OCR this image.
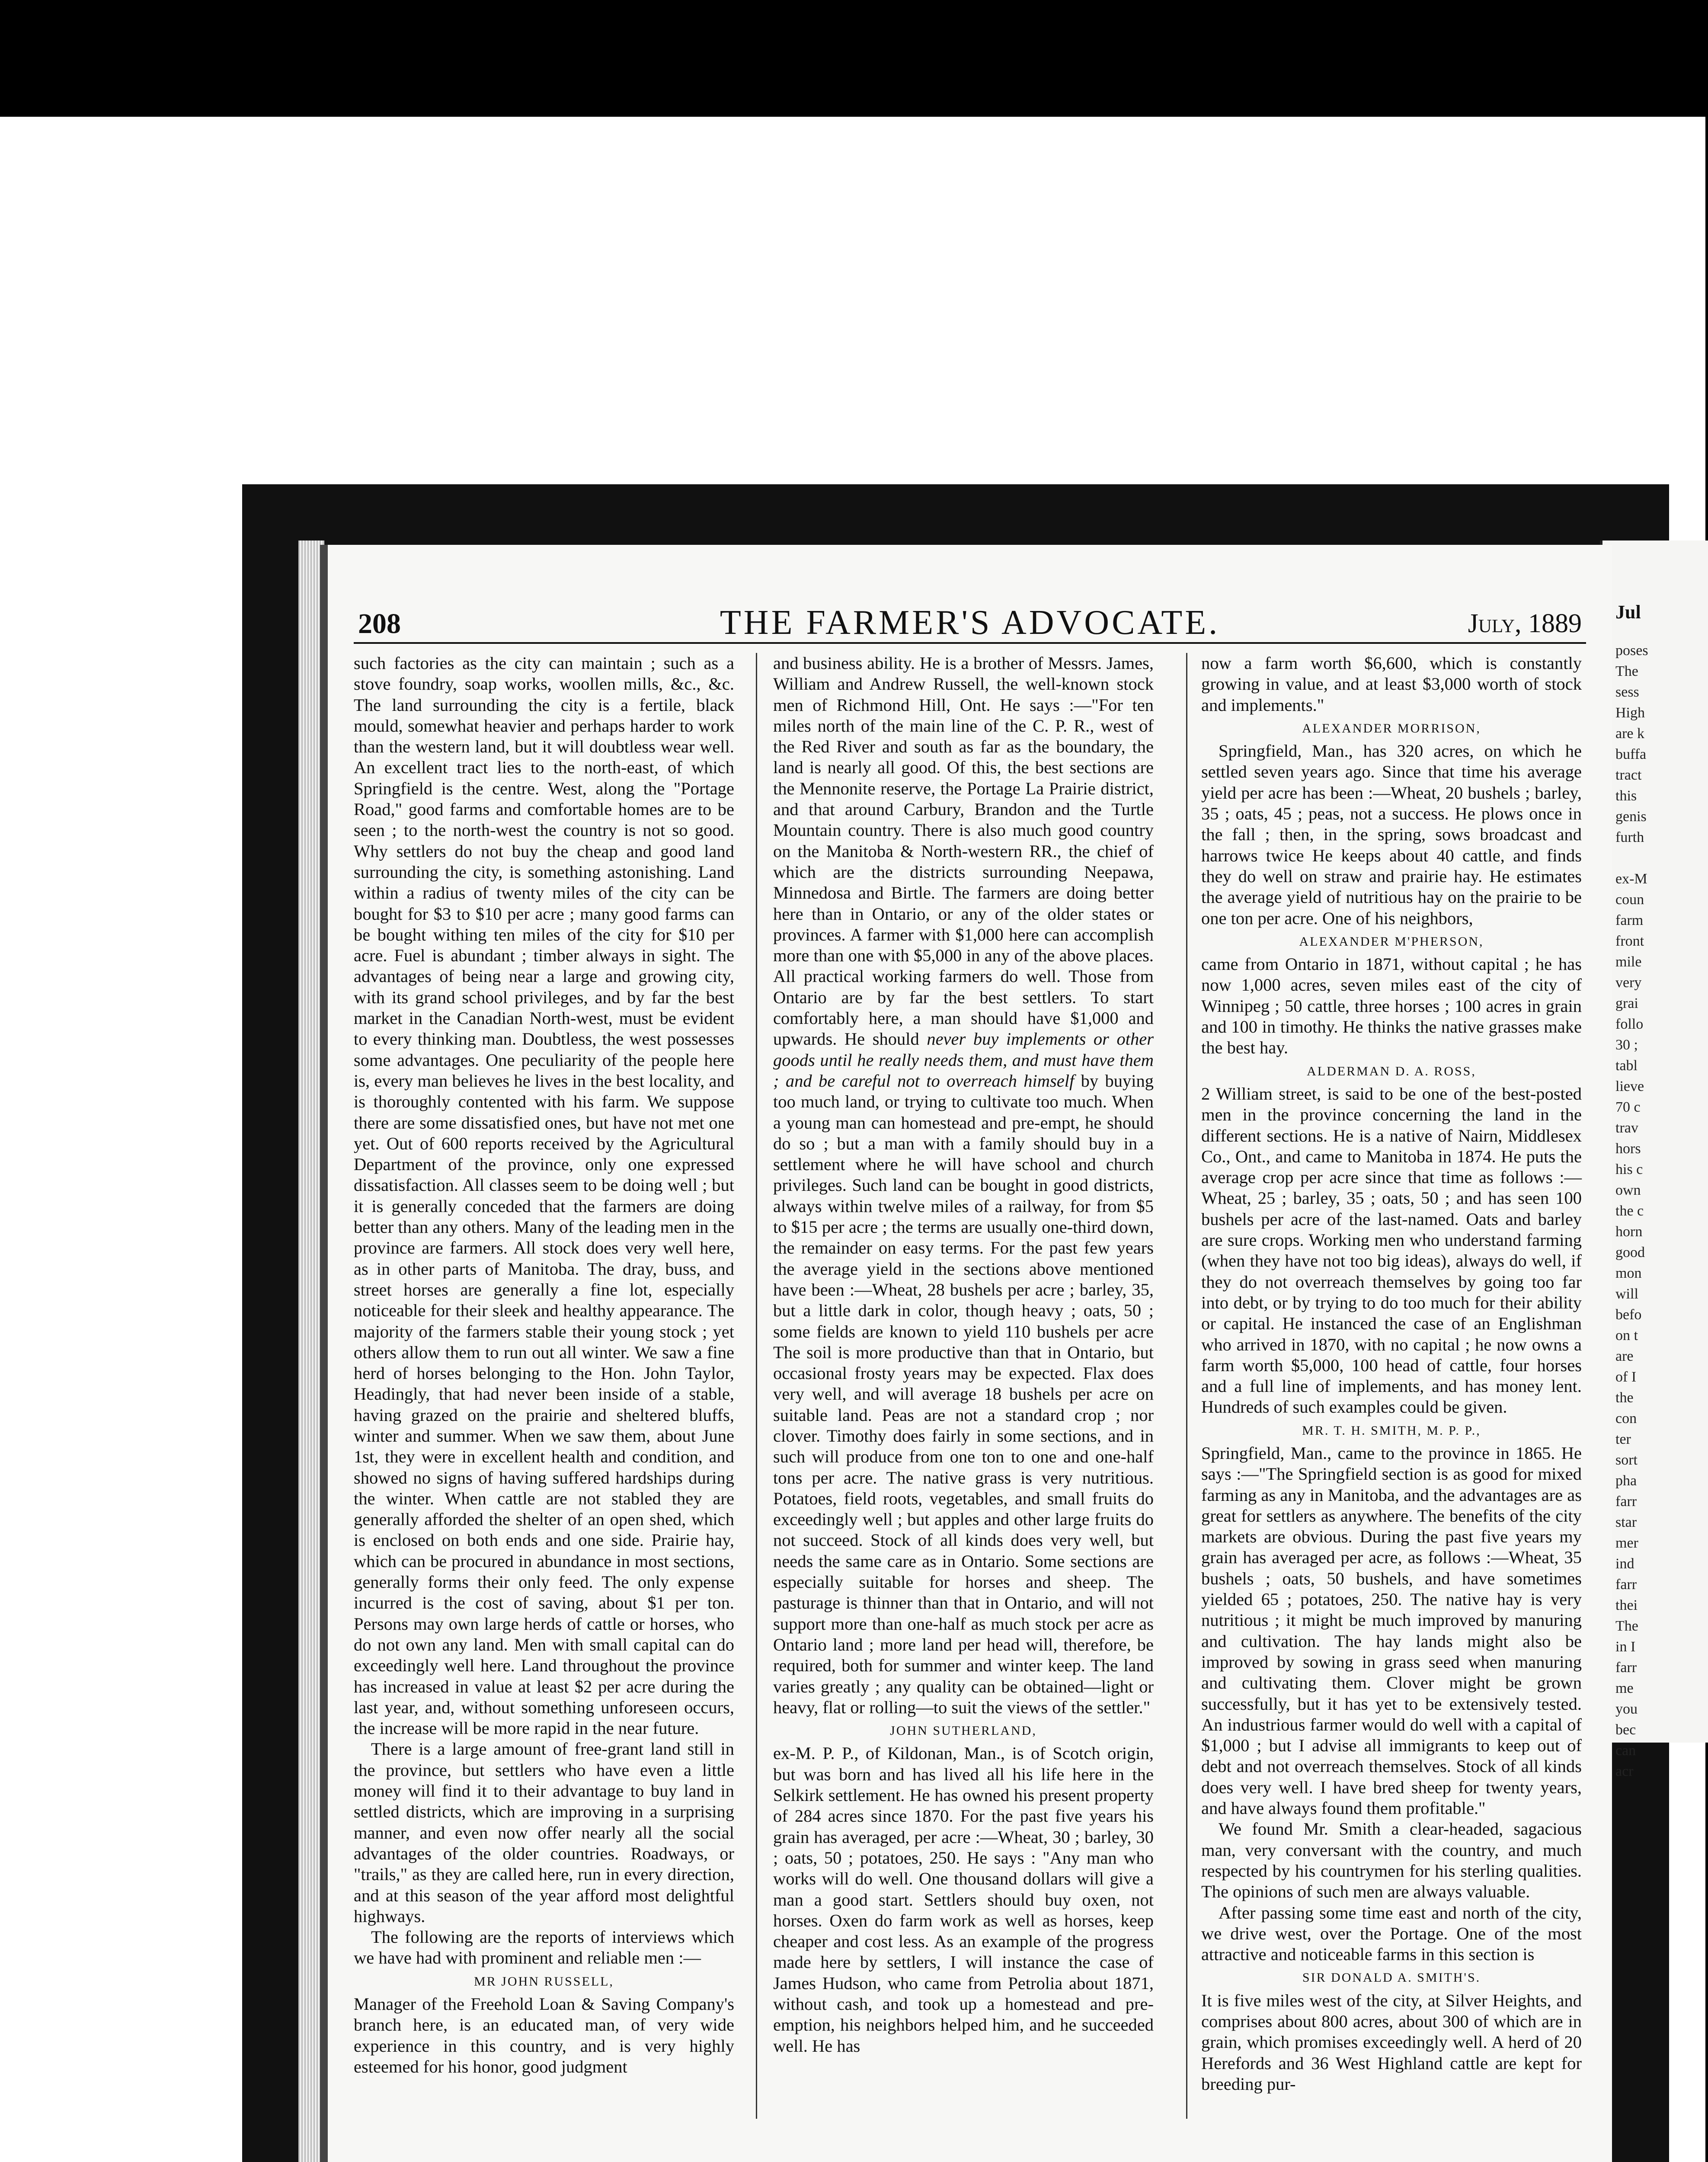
Jul
poses
The
sess
High
are k
buffa
tract
this
genis
furth

ex-M
coun
farm
front
mile
very
grai
follo
30 ;
tabl
lieve
70 c
trav
hors
his c
own
the c
horn
good
mon
will
befo
on t
are
of I
the
con
ter
sort
pha
farr
star
mer
ind
farr
thei
The
in I
farr
me
you
bec
can
acr
208	THE FARMER'S ADVOCATE.	July, 1889

such factories as the city can maintain ; such as a stove foundry, soap works, woollen mills, &c., &c. The land surrounding the city is a fertile, black mould, somewhat heavier and perhaps harder to work than the western land, but it will doubtless wear well. An excellent tract lies to the north-east, of which Springfield is the centre. West, along the "Portage Road," good farms and comfortable homes are to be seen ; to the north-west the country is not so good. Why settlers do not buy the cheap and good land surrounding the city, is something astonishing. Land within a radius of twenty miles of the city can be bought for $3 to $10 per acre ; many good farms can be bought withing ten miles of the city for $10 per acre. Fuel is abundant ; timber always in sight. The advantages of being near a large and growing city, with its grand school privileges, and by far the best market in the Canadian North-west, must be evident to every thinking man. Doubtless, the west possesses some advantages. One peculiarity of the people here is, every man believes he lives in the best locality, and is thoroughly contented with his farm. We suppose there are some dissatisfied ones, but have not met one yet. Out of 600 reports received by the Agricultural Department of the province, only one expressed dissatisfaction. All classes seem to be doing well ; but it is generally conceded that the farmers are doing better than any others. Many of the leading men in the province are farmers. All stock does very well here, as in other parts of Manitoba. The dray, buss, and street horses are generally a fine lot, especially noticeable for their sleek and healthy appearance. The majority of the farmers stable their young stock ; yet others allow them to run out all winter. We saw a fine herd of horses belonging to the Hon. John Taylor, Headingly, that had never been inside of a stable, having grazed on the prairie and sheltered bluffs, winter and summer. When we saw them, about June 1st, they were in excellent health and condition, and showed no signs of having suffered hardships during the winter. When cattle are not stabled they are generally afforded the shelter of an open shed, which is enclosed on both ends and one side. Prairie hay, which can be procured in abundance in most sections, generally forms their only feed. The only expense incurred is the cost of saving, about $1 per ton. Persons may own large herds of cattle or horses, who do not own any land. Men with small capital can do exceedingly well here. Land throughout the province has increased in value at least $2 per acre during the last year, and, without something unforeseen occurs, the increase will be more rapid in the near future.

There is a large amount of free-grant land still in the province, but settlers who have even a little money will find it to their advantage to buy land in settled districts, which are improving in a surprising manner, and even now offer nearly all the social advantages of the older countries. Roadways, or "trails," as they are called here, run in every direction, and at this season of the year afford most delightful highways.

The following are the reports of interviews which we have had with prominent and reliable men :—

MR JOHN RUSSELL,

Manager of the Freehold Loan & Saving Company's branch here, is an educated man, of very wide experience in this country, and is very highly esteemed for his honor, good judgment

and business ability. He is a brother of Messrs. James, William and Andrew Russell, the well-known stock men of Richmond Hill, Ont. He says :—"For ten miles north of the main line of the C. P. R., west of the Red River and south as far as the boundary, the land is nearly all good. Of this, the best sections are the Mennonite reserve, the Portage La Prairie district, and that around Carbury, Brandon and the Turtle Mountain country. There is also much good country on the Manitoba & North-western RR., the chief of which are the districts surrounding Neepawa, Minnedosa and Birtle. The farmers are doing better here than in Ontario, or any of the older states or provinces. A farmer with $1,000 here can accomplish more than one with $5,000 in any of the above places. All practical working farmers do well. Those from Ontario are by far the best settlers. To start comfortably here, a man should have $1,000 and upwards. He should never buy implements or other goods until he really needs them, and must have them ; and be careful not to overreach himself by buying too much land, or trying to cultivate too much. When a young man can homestead and pre-empt, he should do so ; but a man with a family should buy in a settlement where he will have school and church privileges. Such land can be bought in good districts, always within twelve miles of a railway, for from $5 to $15 per acre ; the terms are usually one-third down, the remainder on easy terms. For the past few years the average yield in the sections above mentioned have been :—Wheat, 28 bushels per acre ; barley, 35, but a little dark in color, though heavy ; oats, 50 ; some fields are known to yield 110 bushels per acre The soil is more productive than that in Ontario, but occasional frosty years may be expected. Flax does very well, and will average 18 bushels per acre on suitable land. Peas are not a standard crop ; nor clover. Timothy does fairly in some sections, and in such will produce from one ton to one and one-half tons per acre. The native grass is very nutritious. Potatoes, field roots, vegetables, and small fruits do exceedingly well ; but apples and other large fruits do not succeed. Stock of all kinds does very well, but needs the same care as in Ontario. Some sections are especially suitable for horses and sheep. The pasturage is thinner than that in Ontario, and will not support more than one-half as much stock per acre as Ontario land ; more land per head will, therefore, be required, both for summer and winter keep. The land varies greatly ; any quality can be obtained—light or heavy, flat or rolling—to suit the views of the settler."

JOHN SUTHERLAND,

ex-M. P. P., of Kildonan, Man., is of Scotch origin, but was born and has lived all his life here in the Selkirk settlement. He has owned his present property of 284 acres since 1870. For the past five years his grain has averaged, per acre :—Wheat, 30 ; barley, 30 ; oats, 50 ; potatoes, 250. He says : "Any man who works will do well. One thousand dollars will give a man a good start. Settlers should buy oxen, not horses. Oxen do farm work as well as horses, keep cheaper and cost less. As an example of the progress made here by settlers, I will instance the case of James Hudson, who came from Petrolia about 1871, without cash, and took up a homestead and pre-emption, his neighbors helped him, and he succeeded well. He has

now a farm worth $6,600, which is constantly growing in value, and at least $3,000 worth of stock and implements."

ALEXANDER MORRISON,

Springfield, Man., has 320 acres, on which he settled seven years ago. Since that time his average yield per acre has been :—Wheat, 20 bushels ; barley, 35 ; oats, 45 ; peas, not a success. He plows once in the fall ; then, in the spring, sows broadcast and harrows twice He keeps about 40 cattle, and finds they do well on straw and prairie hay. He estimates the average yield of nutritious hay on the prairie to be one ton per acre. One of his neighbors,

ALEXANDER M'PHERSON,

came from Ontario in 1871, without capital ; he has now 1,000 acres, seven miles east of the city of Winnipeg ; 50 cattle, three horses ; 100 acres in grain and 100 in timothy. He thinks the native grasses make the best hay.

ALDERMAN D. A. ROSS,

2 William street, is said to be one of the best-posted men in the province concerning the land in the different sections. He is a native of Nairn, Middlesex Co., Ont., and came to Manitoba in 1874. He puts the average crop per acre since that time as follows :—Wheat, 25 ; barley, 35 ; oats, 50 ; and has seen 100 bushels per acre of the last-named. Oats and barley are sure crops. Working men who understand farming (when they have not too big ideas), always do well, if they do not overreach themselves by going too far into debt, or by trying to do too much for their ability or capital. He instanced the case of an Englishman who arrived in 1870, with no capital ; he now owns a farm worth $5,000, 100 head of cattle, four horses and a full line of implements, and has money lent. Hundreds of such examples could be given.

MR. T. H. SMITH, M. P. P.,

Springfield, Man., came to the province in 1865. He says :—"The Springfield section is as good for mixed farming as any in Manitoba, and the advantages are as great for settlers as anywhere. The benefits of the city markets are obvious. During the past five years my grain has averaged per acre, as follows :—Wheat, 35 bushels ; oats, 50 bushels, and have sometimes yielded 65 ; potatoes, 250. The native hay is very nutritious ; it might be much improved by manuring and cultivation. The hay lands might also be improved by sowing in grass seed when manuring and cultivating them. Clover might be grown successfully, but it has yet to be extensively tested. An industrious farmer would do well with a capital of $1,000 ; but I advise all immigrants to keep out of debt and not overreach themselves. Stock of all kinds does very well. I have bred sheep for twenty years, and have always found them profitable."

We found Mr. Smith a clear-headed, sagacious man, very conversant with the country, and much respected by his countrymen for his sterling qualities. The opinions of such men are always valuable.

After passing some time east and north of the city, we drive west, over the Portage. One of the most attractive and noticeable farms in this section is

SIR DONALD A. SMITH'S.

It is five miles west of the city, at Silver Heights, and comprises about 800 acres, about 300 of which are in grain, which promises exceedingly well. A herd of 20 Herefords and 36 West Highland cattle are kept for breeding pur-
